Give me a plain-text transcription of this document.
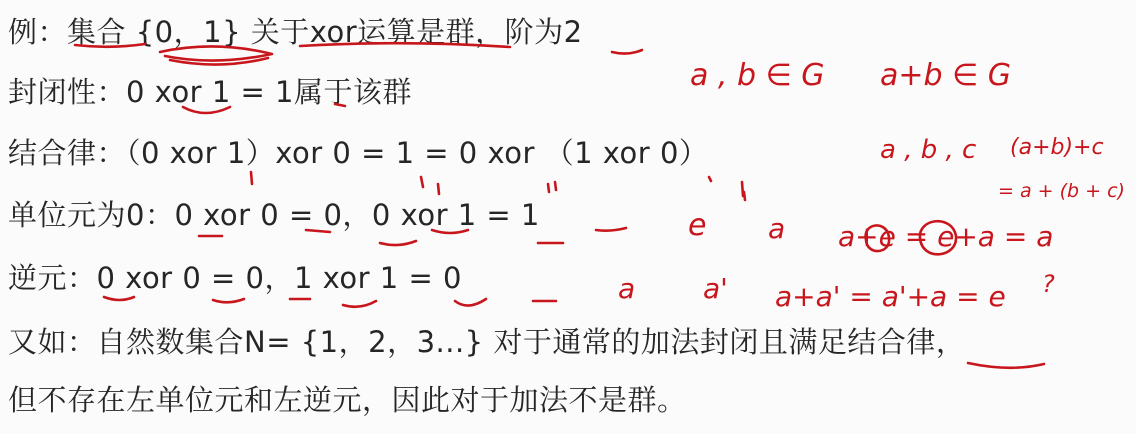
例：集合 {0，1} 关于xor运算是群，阶为2
封闭性：0 xor 1 = 1属于该群
结合律：（0 xor 1）xor 0 = 1 = 0 xor （1 xor 0）
单位元为0：0 xor 0 = 0，0 xor 1 = 1
逆元：0 xor 0 = 0，1 xor 1 = 0
又如：自然数集合N= {1，2，3...} 对于通常的加法封闭且满足结合律，
但不存在左单位元和左逆元，因此对于加法不是群。
a , b ∈ G a+b ∈ G
a , b , c (a+b)+c
= a + (b + c)
e a a+e = e+a = a
a a' a+a' = a'+a = e ?
